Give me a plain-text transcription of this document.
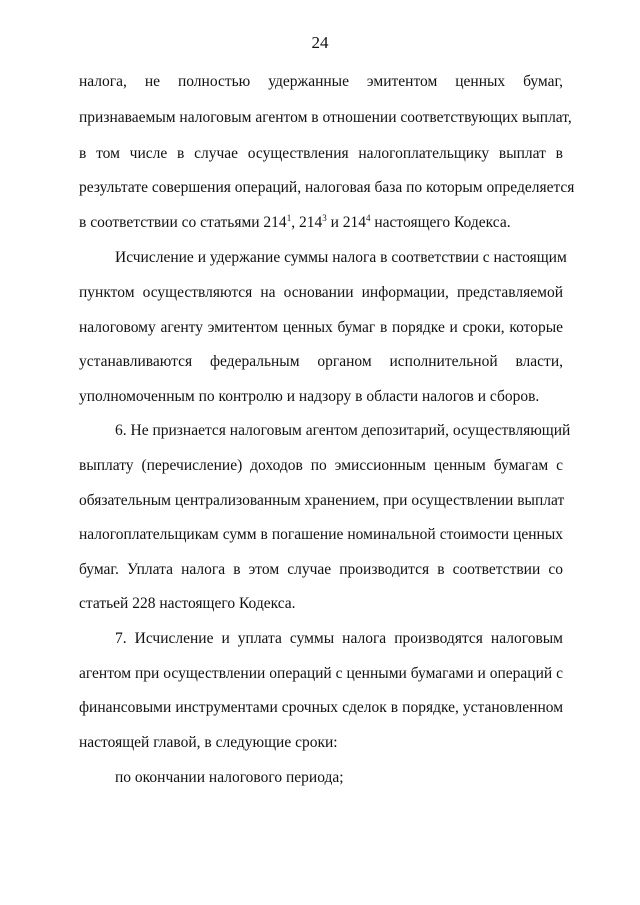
24
налога, не полностью удержанные эмитентом ценных бумаг,
признаваемым налоговым агентом в отношении соответствующих выплат,
в том числе в случае осуществления налогоплательщику выплат в
результате совершения операций, налоговая база по которым определяется
в соответствии со статьями $214^1$, $214^3$ и $214^4$ настоящего Кодекса.
Исчисление и удержание суммы налога в соответствии с настоящим
пунктом осуществляются на основании информации, представляемой
налоговому агенту эмитентом ценных бумаг в порядке и сроки, которые
устанавливаются федеральным органом исполнительной власти,
уполномоченным по контролю и надзору в области налогов и сборов.
6. Не признается налоговым агентом депозитарий, осуществляющий
выплату (перечисление) доходов по эмиссионным ценным бумагам с
обязательным централизованным хранением, при осуществлении выплат
налогоплательщикам сумм в погашение номинальной стоимости ценных
бумаг. Уплата налога в этом случае производится в соответствии со
статьей 228 настоящего Кодекса.
7. Исчисление и уплата суммы налога производятся налоговым
агентом при осуществлении операций с ценными бумагами и операций с
финансовыми инструментами срочных сделок в порядке, установленном
настоящей главой, в следующие сроки:
по окончании налогового периода;
